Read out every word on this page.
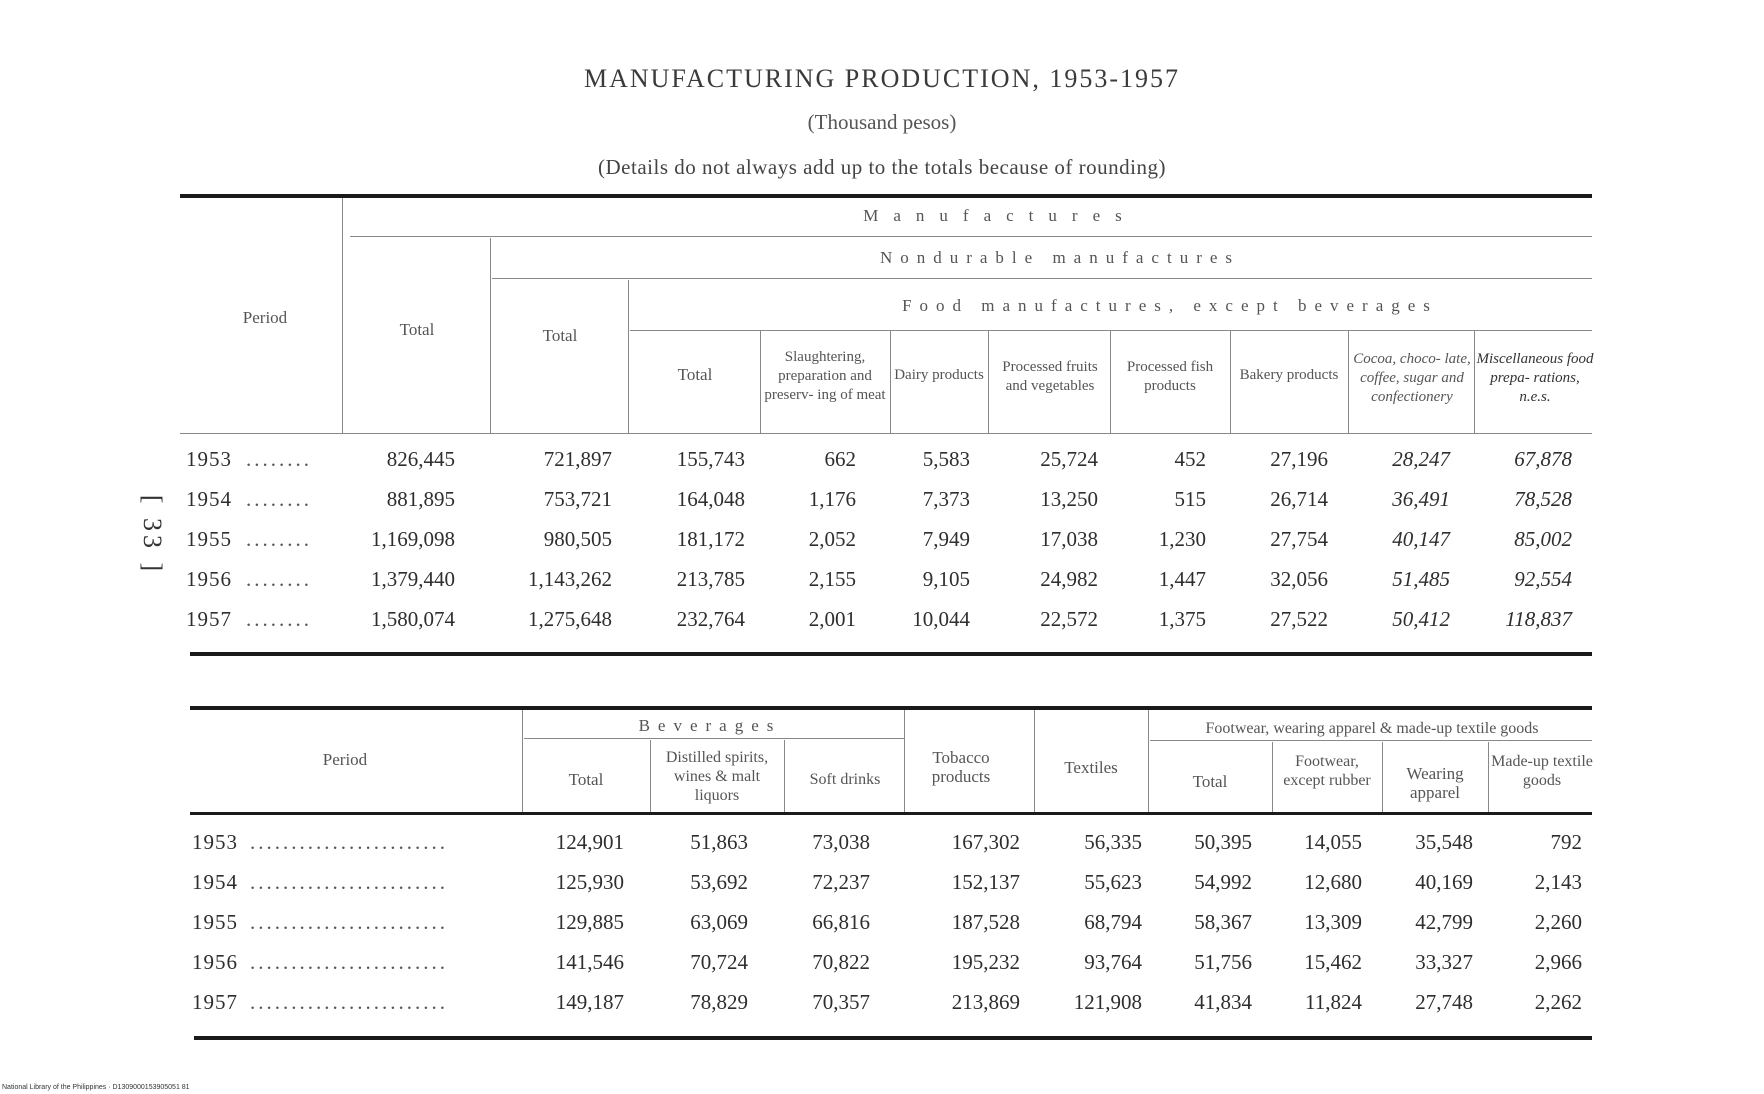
MANUFACTURING PRODUCTION, 1953-1957
(Thousand pesos)
(Details do not always add up to the totals because of rounding)
[ 33 ]
National Library of the Philippines · D1309000153905051 81
Period
Total	Total
Manufactures
Nondurable manufactures
Food manufactures, except beverages
Total
Slaughtering, preparation and preserv- ing of meat
Dairy products	Processed fruits and vegetables
Processed fish products
Bakery products
Cocoa, choco- late, coffee, sugar and confectionery
Miscellaneous food prepa- rations, n.e.s.
1953 ........	826,445	721,897	155,743	662	5,583	25,724	452	27,196	28,247	67,878
1954 ........	881,895	753,721	164,048	1,176	7,373	13,250	515	26,714	36,491	78,528
1955 ........	1,169,098	980,505	181,172	2,052	7,949	17,038	1,230	27,754	40,147	85,002
1956 ........	1,379,440	1,143,262	213,785	2,155	9,105	24,982	1,447	32,056	51,485	92,554
1957 ........	1,580,074	1,275,648	232,764	2,001	10,044	22,572	1,375	27,522	50,412	118,837
Period
Beverages	Footwear, wearing apparel & made-up textile goods
Total
Distilled spirits, wines & malt liquors
Soft drinks
Tobacco products	Textiles
Total
Footwear, except rubber	Wearing apparel
Made-up textile goods
1953 ........................	124,901	51,863	73,038	167,302	56,335 50,395 14,055	35,548	792
1954 ........................	125,930	53,692	72,237	152,137	55,623 54,992 12,680	40,169	2,143
1955 ........................	129,885	63,069	66,816	187,528	68,794 58,367 13,309	42,799	2,260
1956 ........................	141,546	70,724	70,822	195,232	93,764 51,756 15,462	33,327	2,966
1957 ........................	149,187	78,829	70,357	213,869	121,908 41,834	11,824	27,748	2,262
